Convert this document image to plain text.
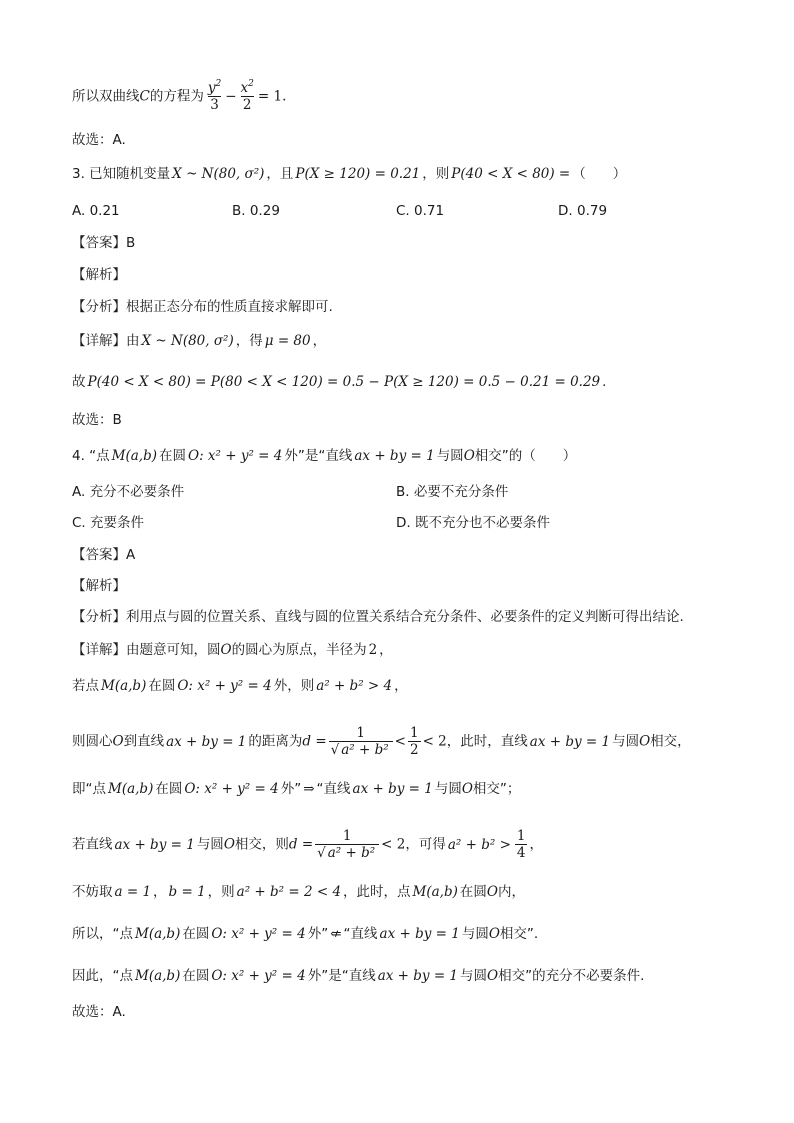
所以双曲线C的方程为 $\frac{y^2}{3} - \frac{x^2}{2} = 1$.
故选：A.
3. 已知随机变量 X ~ N(80, σ²) ，且 P(X ≥ 120) = 0.21 ，则 P(40 < X < 80) = （　　）
A. 0.21	B. 0.29	C. 0.71	D. 0.79
【答案】B
【解析】
【分析】根据正态分布的性质直接求解即可.
【详解】由 X ~ N(80, σ²) ，得 μ = 80 ，
故 P(40 < X < 80) = P(80 < X < 120) = 0.5 − P(X ≥ 120) = 0.5 − 0.21 = 0.29 .
故选：B
4. “点 M(a,b) 在圆 O: x² + y² = 4 外”是“直线 ax + by = 1 与圆O相交”的（　　）
A. 充分不必要条件	B. 必要不充分条件
C. 充要条件	D. 既不充分也不必要条件
【答案】A
【解析】
【分析】利用点与圆的位置关系、直线与圆的位置关系结合充分条件、必要条件的定义判断可得出结论.
【详解】由题意可知，圆O的圆心为原点，半径为 2 ，
若点 M(a,b) 在圆 O: x² + y² = 4 外，则 a² + b² > 4 ，
则圆心O到直线 ax + by = 1 的距离为$d = \frac{1}{\text{√ a² + b²}} < \frac{1}{2} < 2$，此时，直线 ax + by = 1 与圆O相交，
即“点 M(a,b) 在圆 O: x² + y² = 4 外” ⇒ “直线 ax + by = 1 与圆O相交”；
若直线 ax + by = 1 与圆O相交，则$d = \frac{1}{\text{√ a² + b²}} < 2$，可得 $a^2 + b^2 > \frac{1}{4}$ ，
不妨取 a = 1 ， b = 1 ，则 a² + b² = 2 < 4 ，此时，点 M(a,b) 在圆O内，
所以，“点 M(a,b) 在圆 O: x² + y² = 4 外” ⇍ “直线 ax + by = 1 与圆O相交”.
因此，“点 M(a,b) 在圆 O: x² + y² = 4 外”是“直线 ax + by = 1 与圆O相交”的充分不必要条件.
故选：A.
